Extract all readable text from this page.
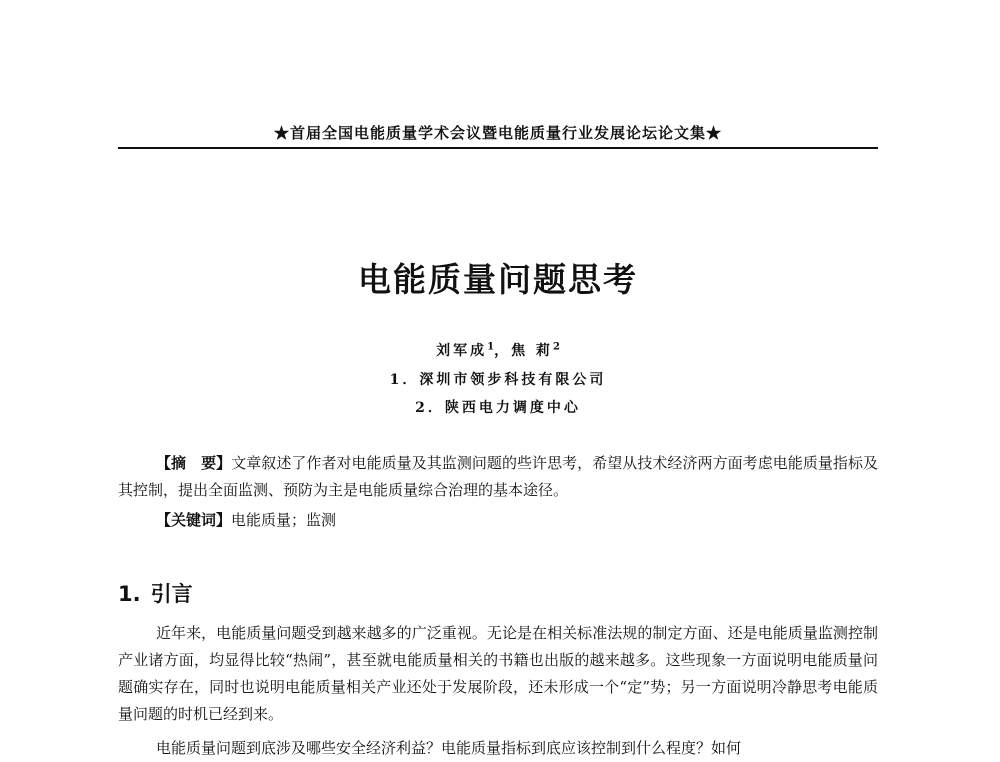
★首届全国电能质量学术会议暨电能质量行业发展论坛论文集★
电能质量问题思考
刘军成$^1$，焦 莉$^2$
1．深圳市领步科技有限公司
2．陕西电力调度中心
【摘　要】文章叙述了作者对电能质量及其监测问题的些许思考，希望从技术经济两方面考虑电能质量指标及其控制，提出全面监测、预防为主是电能质量综合治理的基本途径。
【关键词】电能质量；监测
1. 引言
近年来，电能质量问题受到越来越多的广泛重视。无论是在相关标准法规的制定方面、还是电能质量监测控制产业诸方面，均显得比较“热闹”，甚至就电能质量相关的书籍也出版的越来越多。这些现象一方面说明电能质量问题确实存在，同时也说明电能质量相关产业还处于发展阶段，还未形成一个“定”势；另一方面说明冷静思考电能质量问题的时机已经到来。
电能质量问题到底涉及哪些安全经济利益？电能质量指标到底应该控制到什么程度？如何
